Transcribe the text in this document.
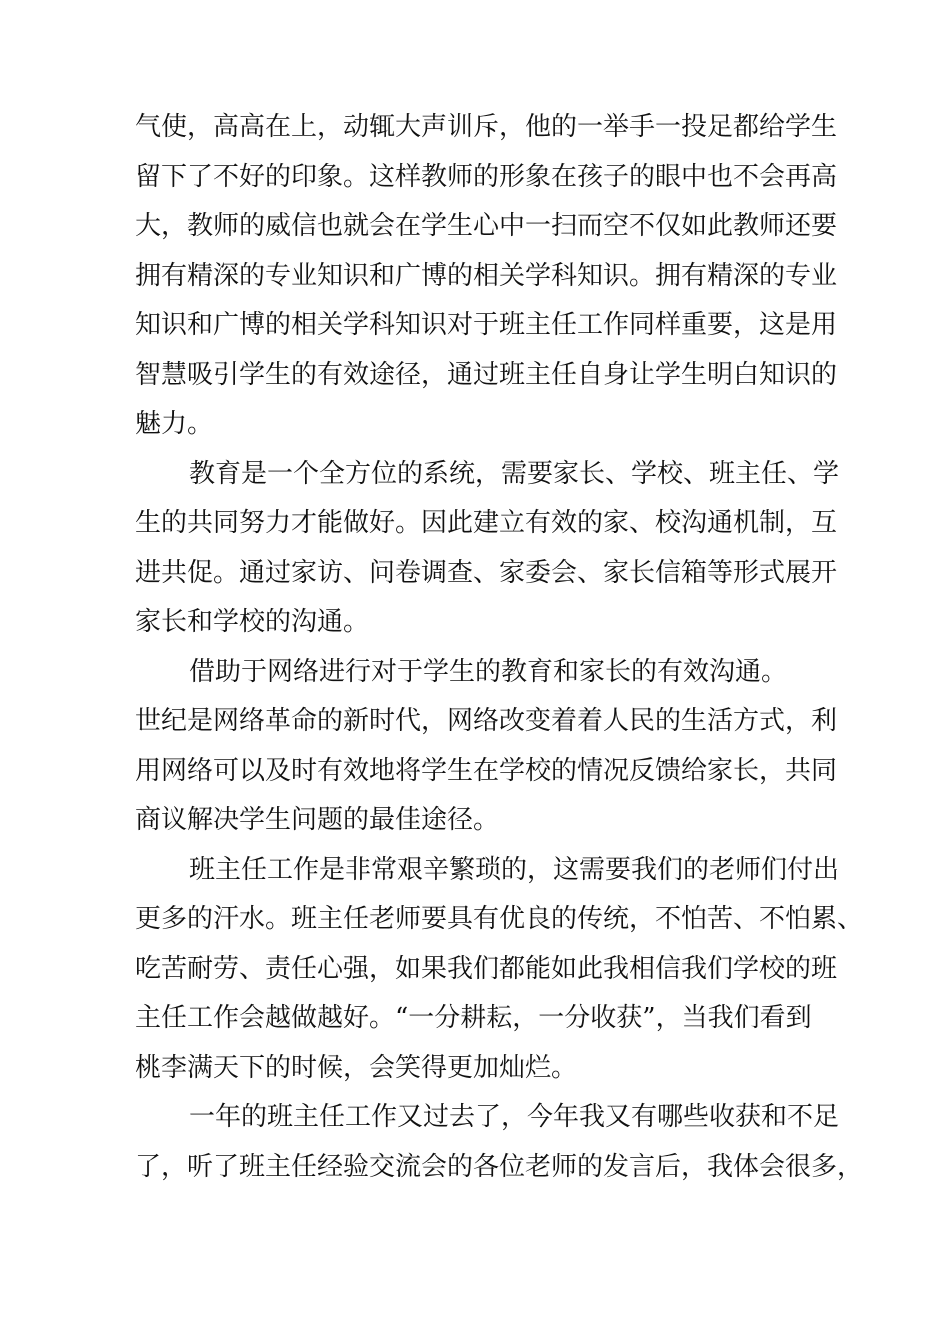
气使，高高在上，动辄大声训斥，他的一举手一投足都给学生
留下了不好的印象。这样教师的形象在孩子的眼中也不会再高
大，教师的威信也就会在学生心中一扫而空不仅如此教师还要
拥有精深的专业知识和广博的相关学科知识。拥有精深的专业
知识和广博的相关学科知识对于班主任工作同样重要，这是用
智慧吸引学生的有效途径，通过班主任自身让学生明白知识的
魅力。
教育是一个全方位的系统，需要家长、学校、班主任、学
生的共同努力才能做好。因此建立有效的家、校沟通机制，互
进共促。通过家访、问卷调查、家委会、家长信箱等形式展开
家长和学校的沟通。
借助于网络进行对于学生的教育和家长的有效沟通。
世纪是网络革命的新时代，网络改变着着人民的生活方式，利
用网络可以及时有效地将学生在学校的情况反馈给家长，共同
商议解决学生问题的最佳途径。
班主任工作是非常艰辛繁琐的，这需要我们的老师们付出
更多的汗水。班主任老师要具有优良的传统，不怕苦、不怕累、
吃苦耐劳、责任心强，如果我们都能如此我相信我们学校的班
主任工作会越做越好。“一分耕耘，一分收获”，当我们看到
桃李满天下的时候，会笑得更加灿烂。
一年的班主任工作又过去了，今年我又有哪些收获和不足
了，听了班主任经验交流会的各位老师的发言后，我体会很多，
